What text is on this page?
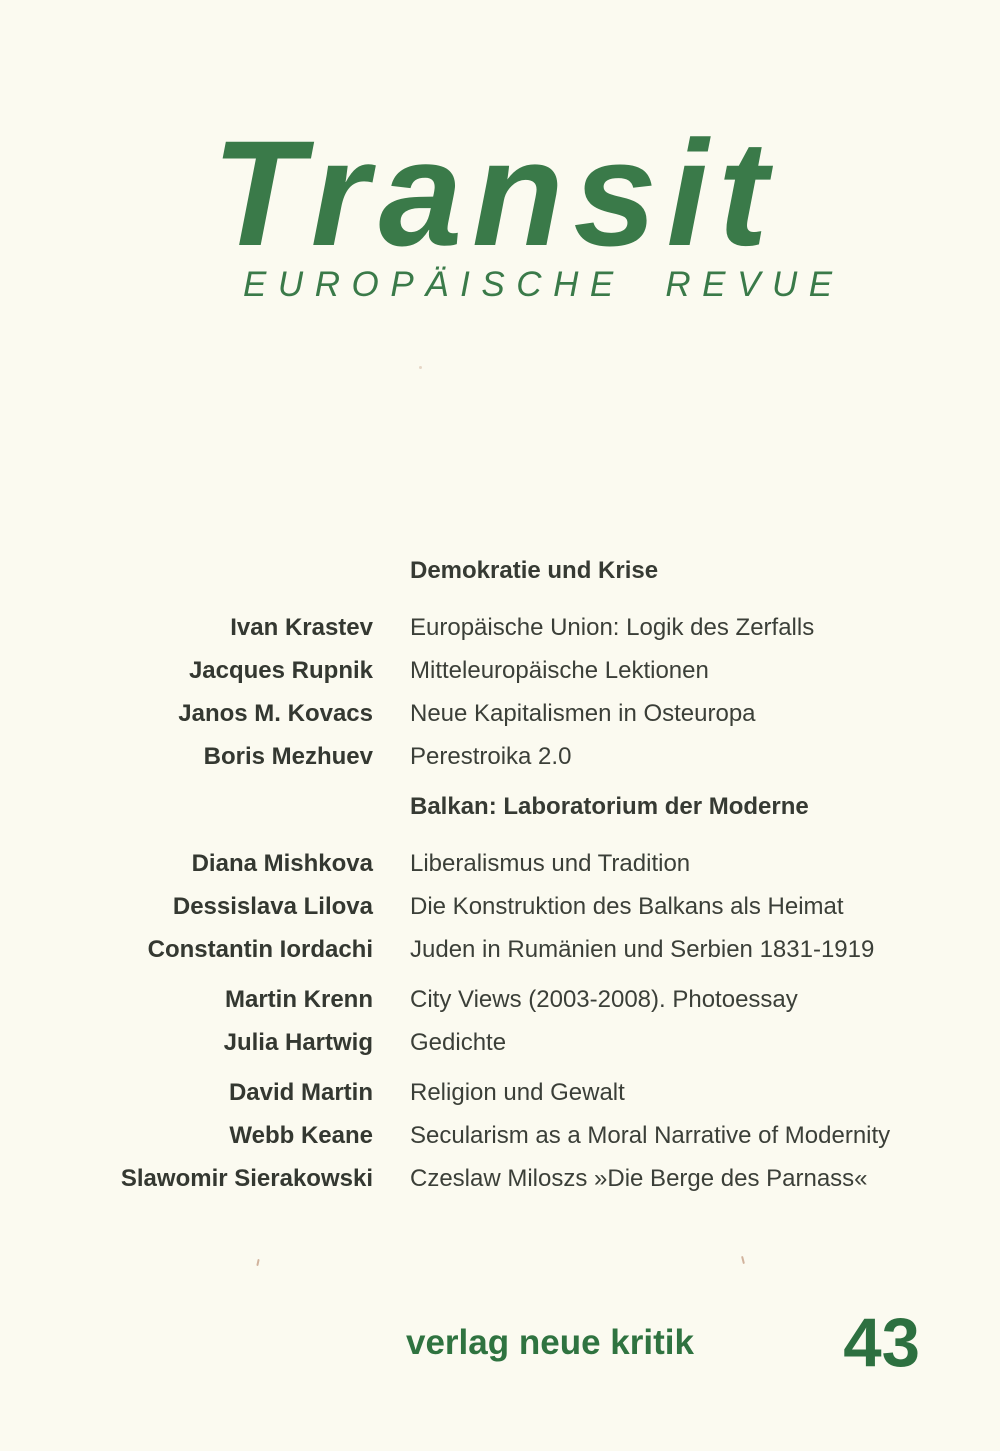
Transit
EUROPÄISCHE REVUE
Demokratie und Krise
Ivan Krastev Europäische Union: Logik des Zerfalls
Jacques Rupnik Mitteleuropäische Lektionen
Janos M. Kovacs Neue Kapitalismen in Osteuropa
Boris Mezhuev Perestroika 2.0
Balkan: Laboratorium der Moderne
Diana Mishkova Liberalismus und Tradition
Dessislava Lilova Die Konstruktion des Balkans als Heimat
Constantin Iordachi Juden in Rumänien und Serbien 1831-1919
Martin Krenn City Views (2003-2008). Photoessay
Julia Hartwig Gedichte
David Martin Religion und Gewalt
Webb Keane Secularism as a Moral Narrative of Modernity
Slawomir Sierakowski Czeslaw Miloszs »Die Berge des Parnass«
verlag neue kritik 43
